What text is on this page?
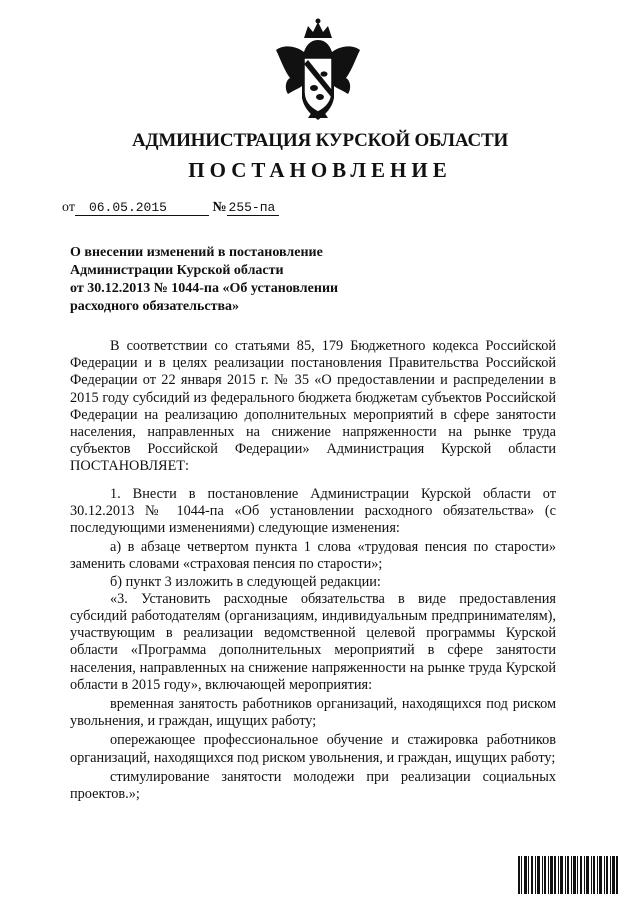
АДМИНИСТРАЦИЯ КУРСКОЙ ОБЛАСТИ
ПОСТАНОВЛЕНИЕ
от 06.05.2015	№ 255-па
О внесении изменений в постановление
Администрации Курской области
от 30.12.2013 № 1044-па «Об установлении
расходного обязательства»

В соответствии со статьями 85, 179 Бюджетного кодекса Российской Федерации и в целях реализации постановления Правительства Российской Федерации от 22 января 2015 г. № 35 «О предоставлении и распределении в 2015 году субсидий из федерального бюджета бюджетам субъектов Российской Федерации на реализацию дополнительных мероприятий в сфере занятости населения, направленных на снижение напряженности на рынке труда субъектов Российской Федерации» Администрация Курской области ПОСТАНОВЛЯЕТ:

1. Внести в постановление Администрации Курской области от 30.12.2013 № 1044-па «Об установлении расходного обязательства» (с последующими изменениями) следующие изменения:

а) в абзаце четвертом пункта 1 слова «трудовая пенсия по старости» заменить словами «страховая пенсия по старости»;

б) пункт 3 изложить в следующей редакции:

«3. Установить расходные обязательства в виде предоставления субсидий работодателям (организациям, индивидуальным предпринимателям), участвующим в реализации ведомственной целевой программы Курской области «Программа дополнительных мероприятий в сфере занятости населения, направленных на снижение напряженности на рынке труда Курской области в 2015 году», включающей мероприятия:

временная занятость работников организаций, находящихся под риском увольнения, и граждан, ищущих работу;

опережающее профессиональное обучение и стажировка работников организаций, находящихся под риском увольнения, и граждан, ищущих работу;

стимулирование занятости молодежи при реализации социальных проектов.»;
